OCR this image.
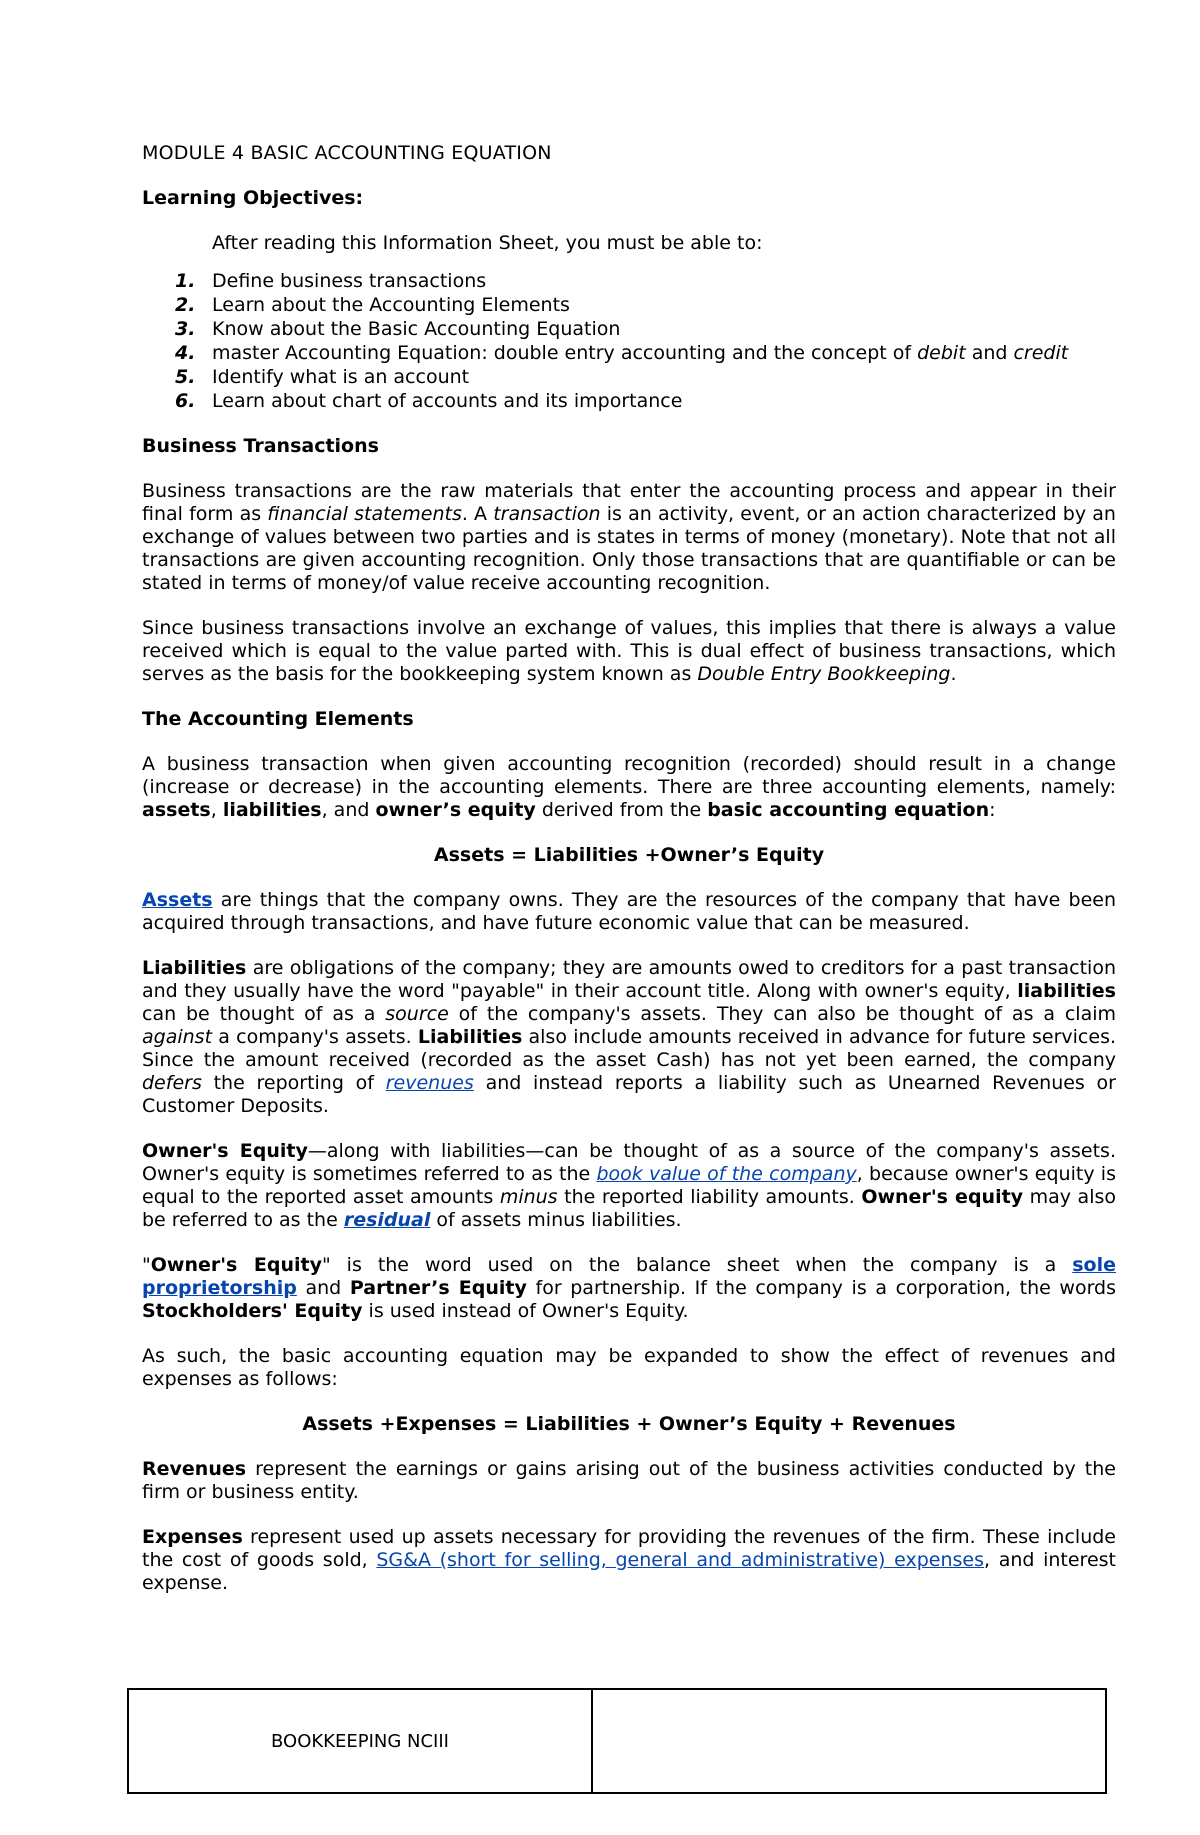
MODULE 4 BASIC ACCOUNTING EQUATION
Learning Objectives:
After reading this Information Sheet, you must be able to:
1. Define business transactions
2. Learn about the Accounting Elements
3. Know about the Basic Accounting Equation
4. master Accounting Equation: double entry accounting and the concept of debit and credit
5. Identify what is an account
6. Learn about chart of accounts and its importance
Business Transactions

Business transactions are the raw materials that enter the accounting process and appear in their final form as financial statements. A transaction is an activity, event, or an action characterized by an exchange of values between two parties and is states in terms of money (monetary). Note that not all transactions are given accounting recognition. Only those transactions that are quantifiable or can be stated in terms of money/of value receive accounting recognition.

Since business transactions involve an exchange of values, this implies that there is always a value received which is equal to the value parted with. This is dual effect of business transactions, which serves as the basis for the bookkeeping system known as Double Entry Bookkeeping.

The Accounting Elements

A business transaction when given accounting recognition (recorded) should result in a change (increase or decrease) in the accounting elements. There are three accounting elements, namely: assets, liabilities, and owner’s equity derived from the basic accounting equation:

Assets = Liabilities +Owner’s Equity

Assets are things that the company owns. They are the resources of the company that have been acquired through transactions, and have future economic value that can be measured.

Liabilities are obligations of the company; they are amounts owed to creditors for a past transaction and they usually have the word "payable" in their account title. Along with owner's equity, liabilities can be thought of as a source of the company's assets. They can also be thought of as a claim against a company's assets. Liabilities also include amounts received in advance for future services. Since the amount received (recorded as the asset Cash) has not yet been earned, the company defers the reporting of revenues and instead reports a liability such as Unearned Revenues or Customer Deposits.

Owner's Equity—along with liabilities—can be thought of as a source of the company's assets. Owner's equity is sometimes referred to as the book value of the company, because owner's equity is equal to the reported asset amounts minus the reported liability amounts. Owner's equity may also be referred to as the residual of assets minus liabilities.

"Owner's Equity" is the word used on the balance sheet when the company is a sole proprietorship and Partner’s Equity for partnership. If the company is a corporation, the words Stockholders' Equity is used instead of Owner's Equity.

As such, the basic accounting equation may be expanded to show the effect of revenues and expenses as follows:

Assets +Expenses = Liabilities + Owner’s Equity + Revenues

Revenues represent the earnings or gains arising out of the business activities conducted by the firm or business entity.

Expenses represent used up assets necessary for providing the revenues of the firm. These include the cost of goods sold, SG&A (short for selling, general and administrative) expenses, and interest expense.

BOOKKEEPING NCIII
